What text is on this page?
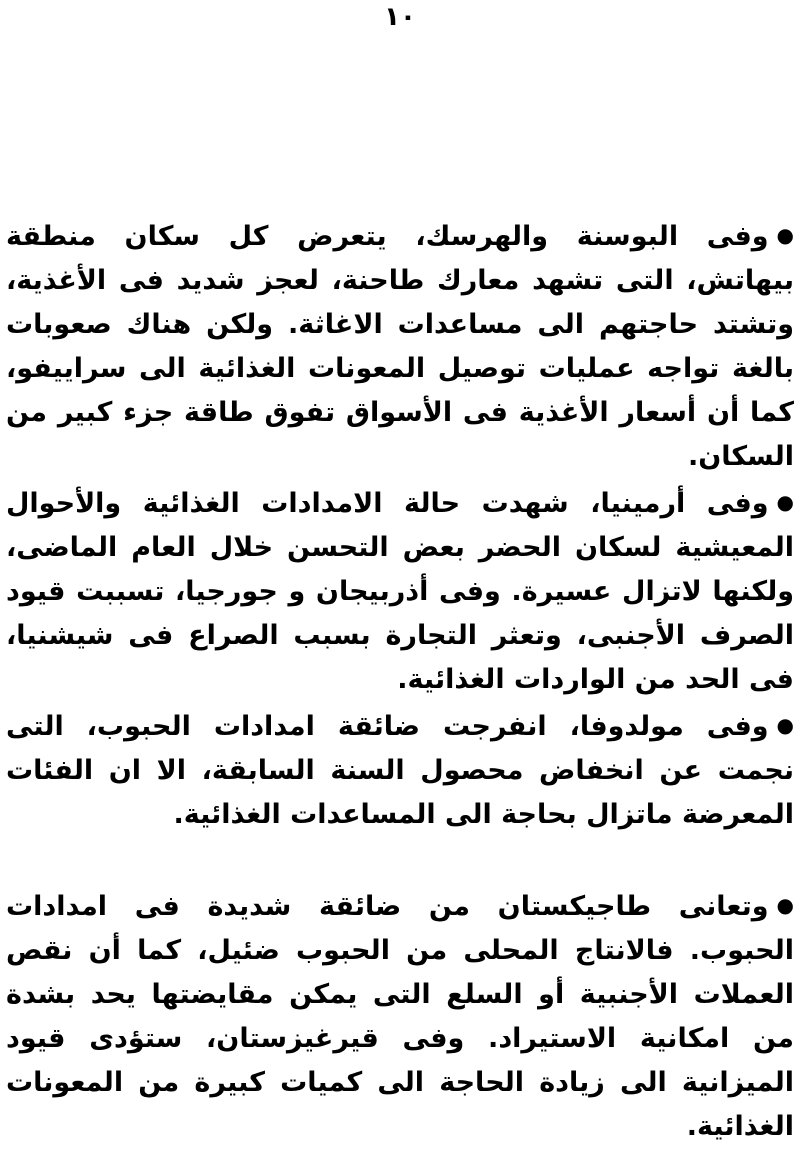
١٠

●وفى البوسنة والهرسك، يتعرض كل سكان منطقة بيهاتش، التى تشهد معارك طاحنة، لعجز شديد فى الأغذية، وتشتد حاجتهم الى مساعدات الاغاثة. ولكن هناك صعوبات بالغة تواجه عمليات توصيل المعونات الغذائية الى سراييفو، كما أن أسعار الأغذية فى الأسواق تفوق طاقة جزء كبير من السكان.

●وفى أرمينيا، شهدت حالة الامدادات الغذائية والأحوال المعيشية لسكان الحضر بعض التحسن خلال العام الماضى، ولكنها لاتزال عسيرة. وفى أذربيجان و جورجيا، تسببت قيود الصرف الأجنبى، وتعثر التجارة بسبب الصراع فى شيشنيا، فى الحد من الواردات الغذائية.

●وفى مولدوفا، انفرجت ضائقة امدادات الحبوب، التى نجمت عن انخفاض محصول السنة السابقة، الا ان الفئات المعرضة ماتزال بحاجة الى المساعدات الغذائية.

●وتعانى طاجيكستان من ضائقة شديدة فى امدادات الحبوب. فالانتاج المحلى من الحبوب ضئيل، كما أن نقص العملات الأجنبية أو السلع التى يمكن مقايضتها يحد بشدة من امكانية الاستيراد. وفى قيرغيزستان، ستؤدى قيود الميزانية الى زيادة الحاجة الى كميات كبيرة من المعونات الغذائية.
